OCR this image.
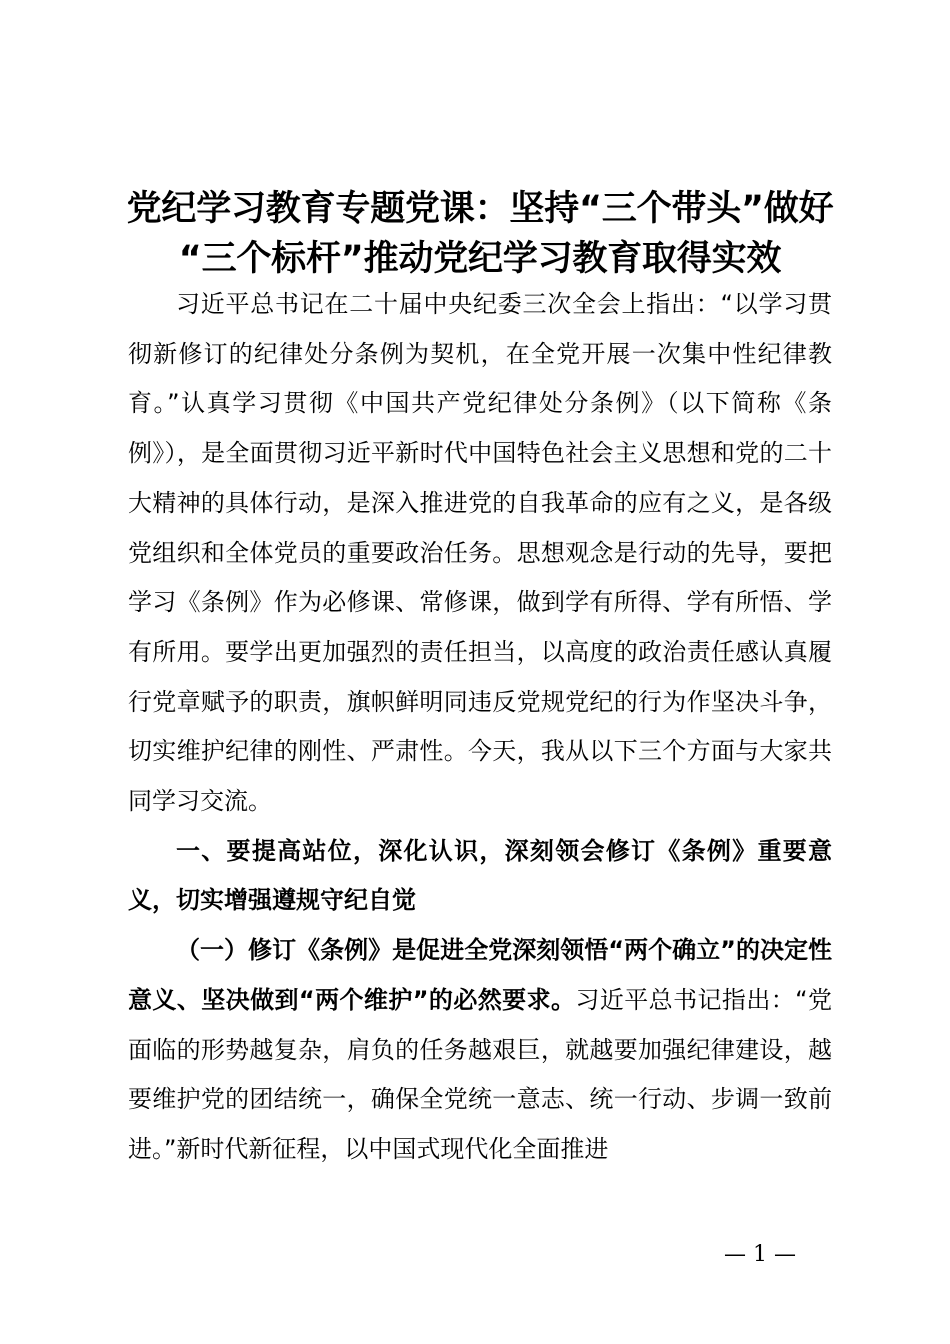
党纪学习教育专题党课：坚持“三个带头”做好
“三个标杆”推动党纪学习教育取得实效

习近平总书记在二十届中央纪委三次全会上指出：“以学习贯彻新修订的纪律处分条例为契机，在全党开展一次集中性纪律教育。”认真学习贯彻《中国共产党纪律处分条例》（以下简称《条例》），是全面贯彻习近平新时代中国特色社会主义思想和党的二十大精神的具体行动，是深入推进党的自我革命的应有之义，是各级党组织和全体党员的重要政治任务。思想观念是行动的先导，要把学习《条例》作为必修课、常修课，做到学有所得、学有所悟、学有所用。要学出更加强烈的责任担当，以高度的政治责任感认真履行党章赋予的职责，旗帜鲜明同违反党规党纪的行为作坚决斗争，切实维护纪律的刚性、严肃性。今天，我从以下三个方面与大家共同学习交流。

一、要提高站位，深化认识，深刻领会修订《条例》重要意义，切实增强遵规守纪自觉

（一）修订《条例》是促进全党深刻领悟“两个确立”的决定性意义、坚决做到“两个维护”的必然要求。习近平总书记指出：“党面临的形势越复杂，肩负的任务越艰巨，就越要加强纪律建设，越要维护党的团结统一，确保全党统一意志、统一行动、步调一致前进。”新时代新征程，以中国式现代化全面推进

— 1 —
